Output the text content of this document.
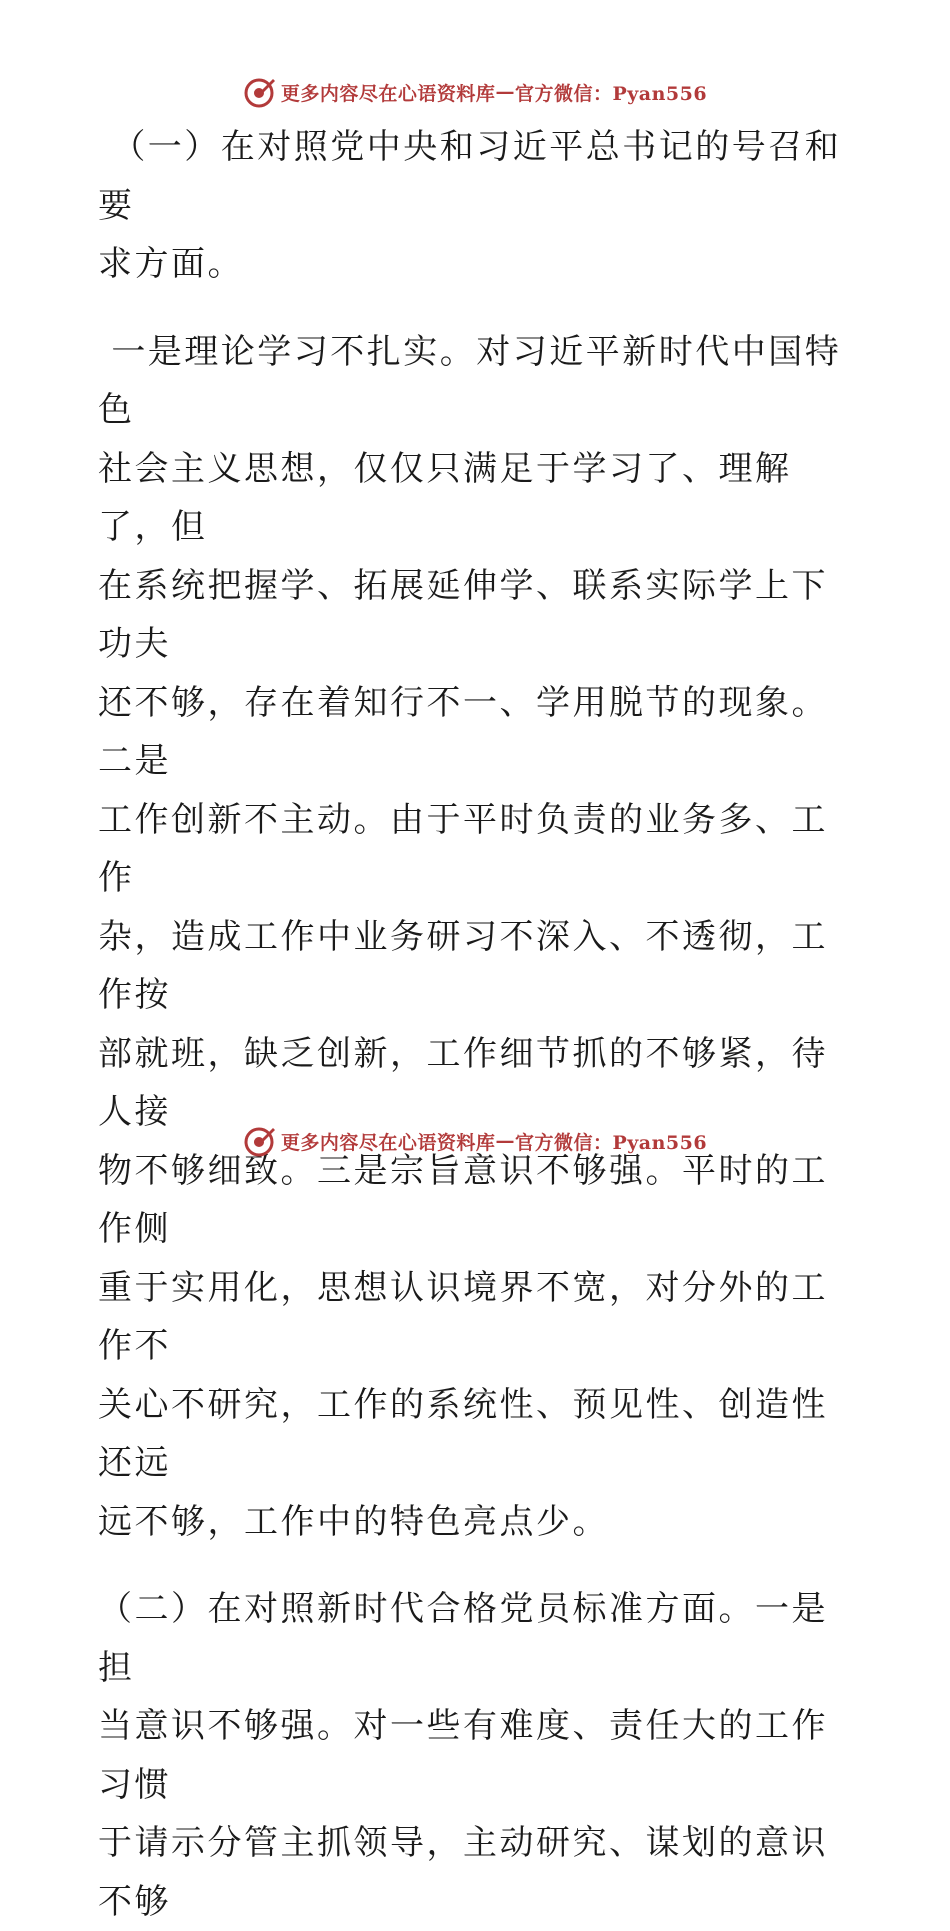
更多内容尽在心语资料库 — 官方微信：Pyan556

（一）在对照党中央和习近平总书记的号召和要

求方面。

一是理论学习不扎实。对习近平新时代中国特色

社会主义思想，仅仅只满足于学习了、理解了，但

在系统把握学、拓展延伸学、联系实际学上下功夫

还不够，存在着知行不一、学用脱节的现象。二是

工作创新不主动。由于平时负责的业务多、工作

杂，造成工作中业务研习不深入、不透彻，工作按

部就班，缺乏创新，工作细节抓的不够紧，待人接

物不够细致。三是宗旨意识不够强。平时的工作侧

重于实用化，思想认识境界不宽，对分外的工作不

关心不研究，工作的系统性、预见性、创造性还远

远不够，工作中的特色亮点少。

（二）在对照新时代合格党员标准方面。一是担

当意识不够强。对一些有难度、责任大的工作习惯

于请示分管主抓领导，主动研究、谋划的意识不够

更多内容尽在心语资料库 — 官方微信：Pyan556
